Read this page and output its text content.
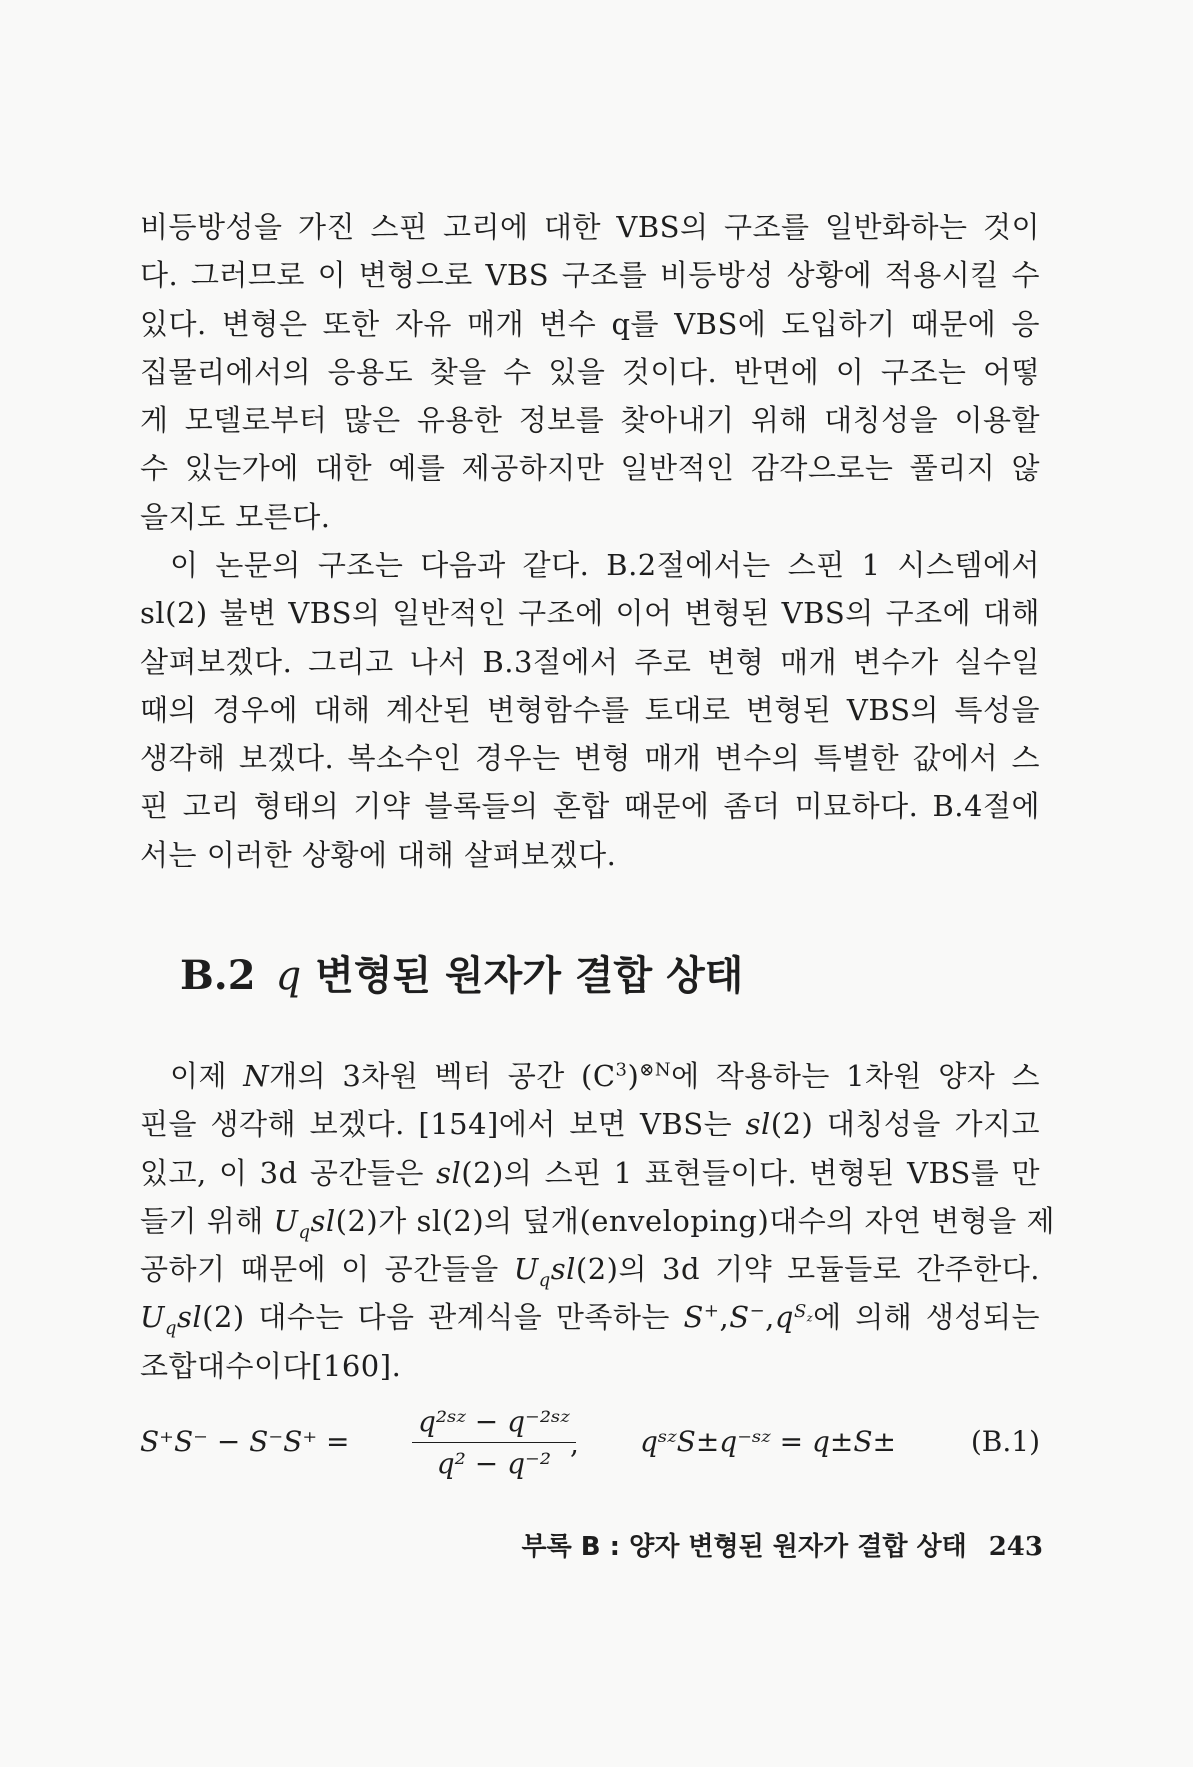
비등방성을 가진 스핀 고리에 대한 VBS의 구조를 일반화하는 것이
다. 그러므로 이 변형으로 VBS 구조를 비등방성 상황에 적용시킬 수
있다. 변형은 또한 자유 매개 변수 q를 VBS에 도입하기 때문에 응
집물리에서의 응용도 찾을 수 있을 것이다. 반면에 이 구조는 어떻
게 모델로부터 많은 유용한 정보를 찾아내기 위해 대칭성을 이용할
수 있는가에 대한 예를 제공하지만 일반적인 감각으로는 풀리지 않
을지도 모른다.
이 논문의 구조는 다음과 같다. B.2절에서는 스핀 1 시스템에서
sl(2) 불변 VBS의 일반적인 구조에 이어 변형된 VBS의 구조에 대해
살펴보겠다. 그리고 나서 B.3절에서 주로 변형 매개 변수가 실수일
때의 경우에 대해 계산된 변형함수를 토대로 변형된 VBS의 특성을
생각해 보겠다. 복소수인 경우는 변형 매개 변수의 특별한 값에서 스
핀 고리 형태의 기약 블록들의 혼합 때문에 좀더 미묘하다. B.4절에
서는 이러한 상황에 대해 살펴보겠다.
B.2 q 변형된 원자가 결합 상태
이제 N개의 3차원 벡터 공간 $(C^3)^{\otimes N}$에 작용하는 1차원 양자 스
핀을 생각해 보겠다. [154]에서 보면 VBS는 sl(2) 대칭성을 가지고
있고, 이 3d 공간들은 sl(2)의 스핀 1 표현들이다. 변형된 VBS를 만
들기 위해 $U_qsl(2)$가 sl(2)의 덮개(enveloping)대수의 자연 변형을 제
공하기 때문에 이 공간들을 $U_qsl(2)$의 3d 기약 모듈들로 간주한다.
$U_qsl(2)$ 대수는 다음 관계식을 만족하는 $S^+,S^-,q^{S_z}$에 의해 생성되는
조합대수이다[160].
$S^+S^- - S^-S^+ = \frac{\text{q²ˢᶻ − q⁻²ˢᶻ}}{\text{q² − q⁻²}}$
, qˢᶻS±q⁻ˢᶻ = q±S±	(B.1)
부록 B : 양자 변형된 원자가 결합 상태 243
